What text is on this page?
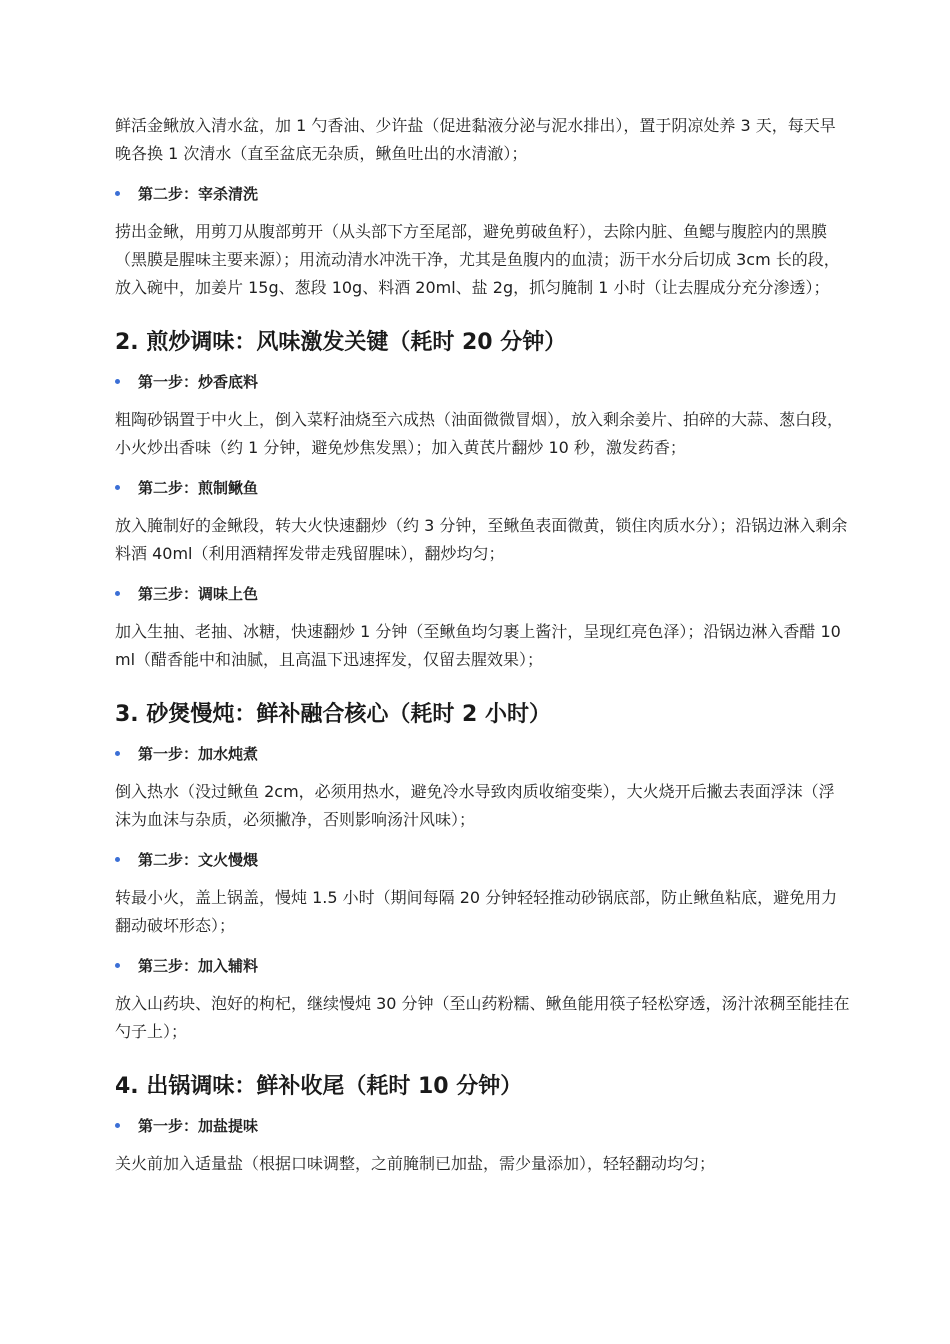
鲜活金鳅放入清水盆，加 1 勺香油、少许盐（促进黏液分泌与泥水排出），置于阴凉处养 3 天，每天早晚各换 1 次清水（直至盆底无杂质，鳅鱼吐出的水清澈）；

第二步：宰杀清洗

捞出金鳅，用剪刀从腹部剪开（从头部下方至尾部，避免剪破鱼籽），去除内脏、鱼鳃与腹腔内的黑膜（黑膜是腥味主要来源）；用流动清水冲洗干净，尤其是鱼腹内的血渍；沥干水分后切成 3cm 长的段，放入碗中，加姜片 15g、葱段 10g、料酒 20ml、盐 2g，抓匀腌制 1 小时（让去腥成分充分渗透）；

2. 煎炒调味：风味激发关键（耗时 20 分钟）

第一步：炒香底料

粗陶砂锅置于中火上，倒入菜籽油烧至六成热（油面微微冒烟），放入剩余姜片、拍碎的大蒜、葱白段，小火炒出香味（约 1 分钟，避免炒焦发黑）；加入黄芪片翻炒 10 秒，激发药香；

第二步：煎制鳅鱼

放入腌制好的金鳅段，转大火快速翻炒（约 3 分钟，至鳅鱼表面微黄，锁住肉质水分）；沿锅边淋入剩余料酒 40ml（利用酒精挥发带走残留腥味），翻炒均匀；

第三步：调味上色

加入生抽、老抽、冰糖，快速翻炒 1 分钟（至鳅鱼均匀裹上酱汁，呈现红亮色泽）；沿锅边淋入香醋 10ml（醋香能中和油腻，且高温下迅速挥发，仅留去腥效果）；

3. 砂煲慢炖：鲜补融合核心（耗时 2 小时）

第一步：加水炖煮

倒入热水（没过鳅鱼 2cm，必须用热水，避免冷水导致肉质收缩变柴），大火烧开后撇去表面浮沫（浮沫为血沫与杂质，必须撇净，否则影响汤汁风味）；

第二步：文火慢煨

转最小火，盖上锅盖，慢炖 1.5 小时（期间每隔 20 分钟轻轻推动砂锅底部，防止鳅鱼粘底，避免用力翻动破坏形态）；

第三步：加入辅料

放入山药块、泡好的枸杞，继续慢炖 30 分钟（至山药粉糯、鳅鱼能用筷子轻松穿透，汤汁浓稠至能挂在勺子上）；

4. 出锅调味：鲜补收尾（耗时 10 分钟）

第一步：加盐提味

关火前加入适量盐（根据口味调整，之前腌制已加盐，需少量添加），轻轻翻动均匀；
